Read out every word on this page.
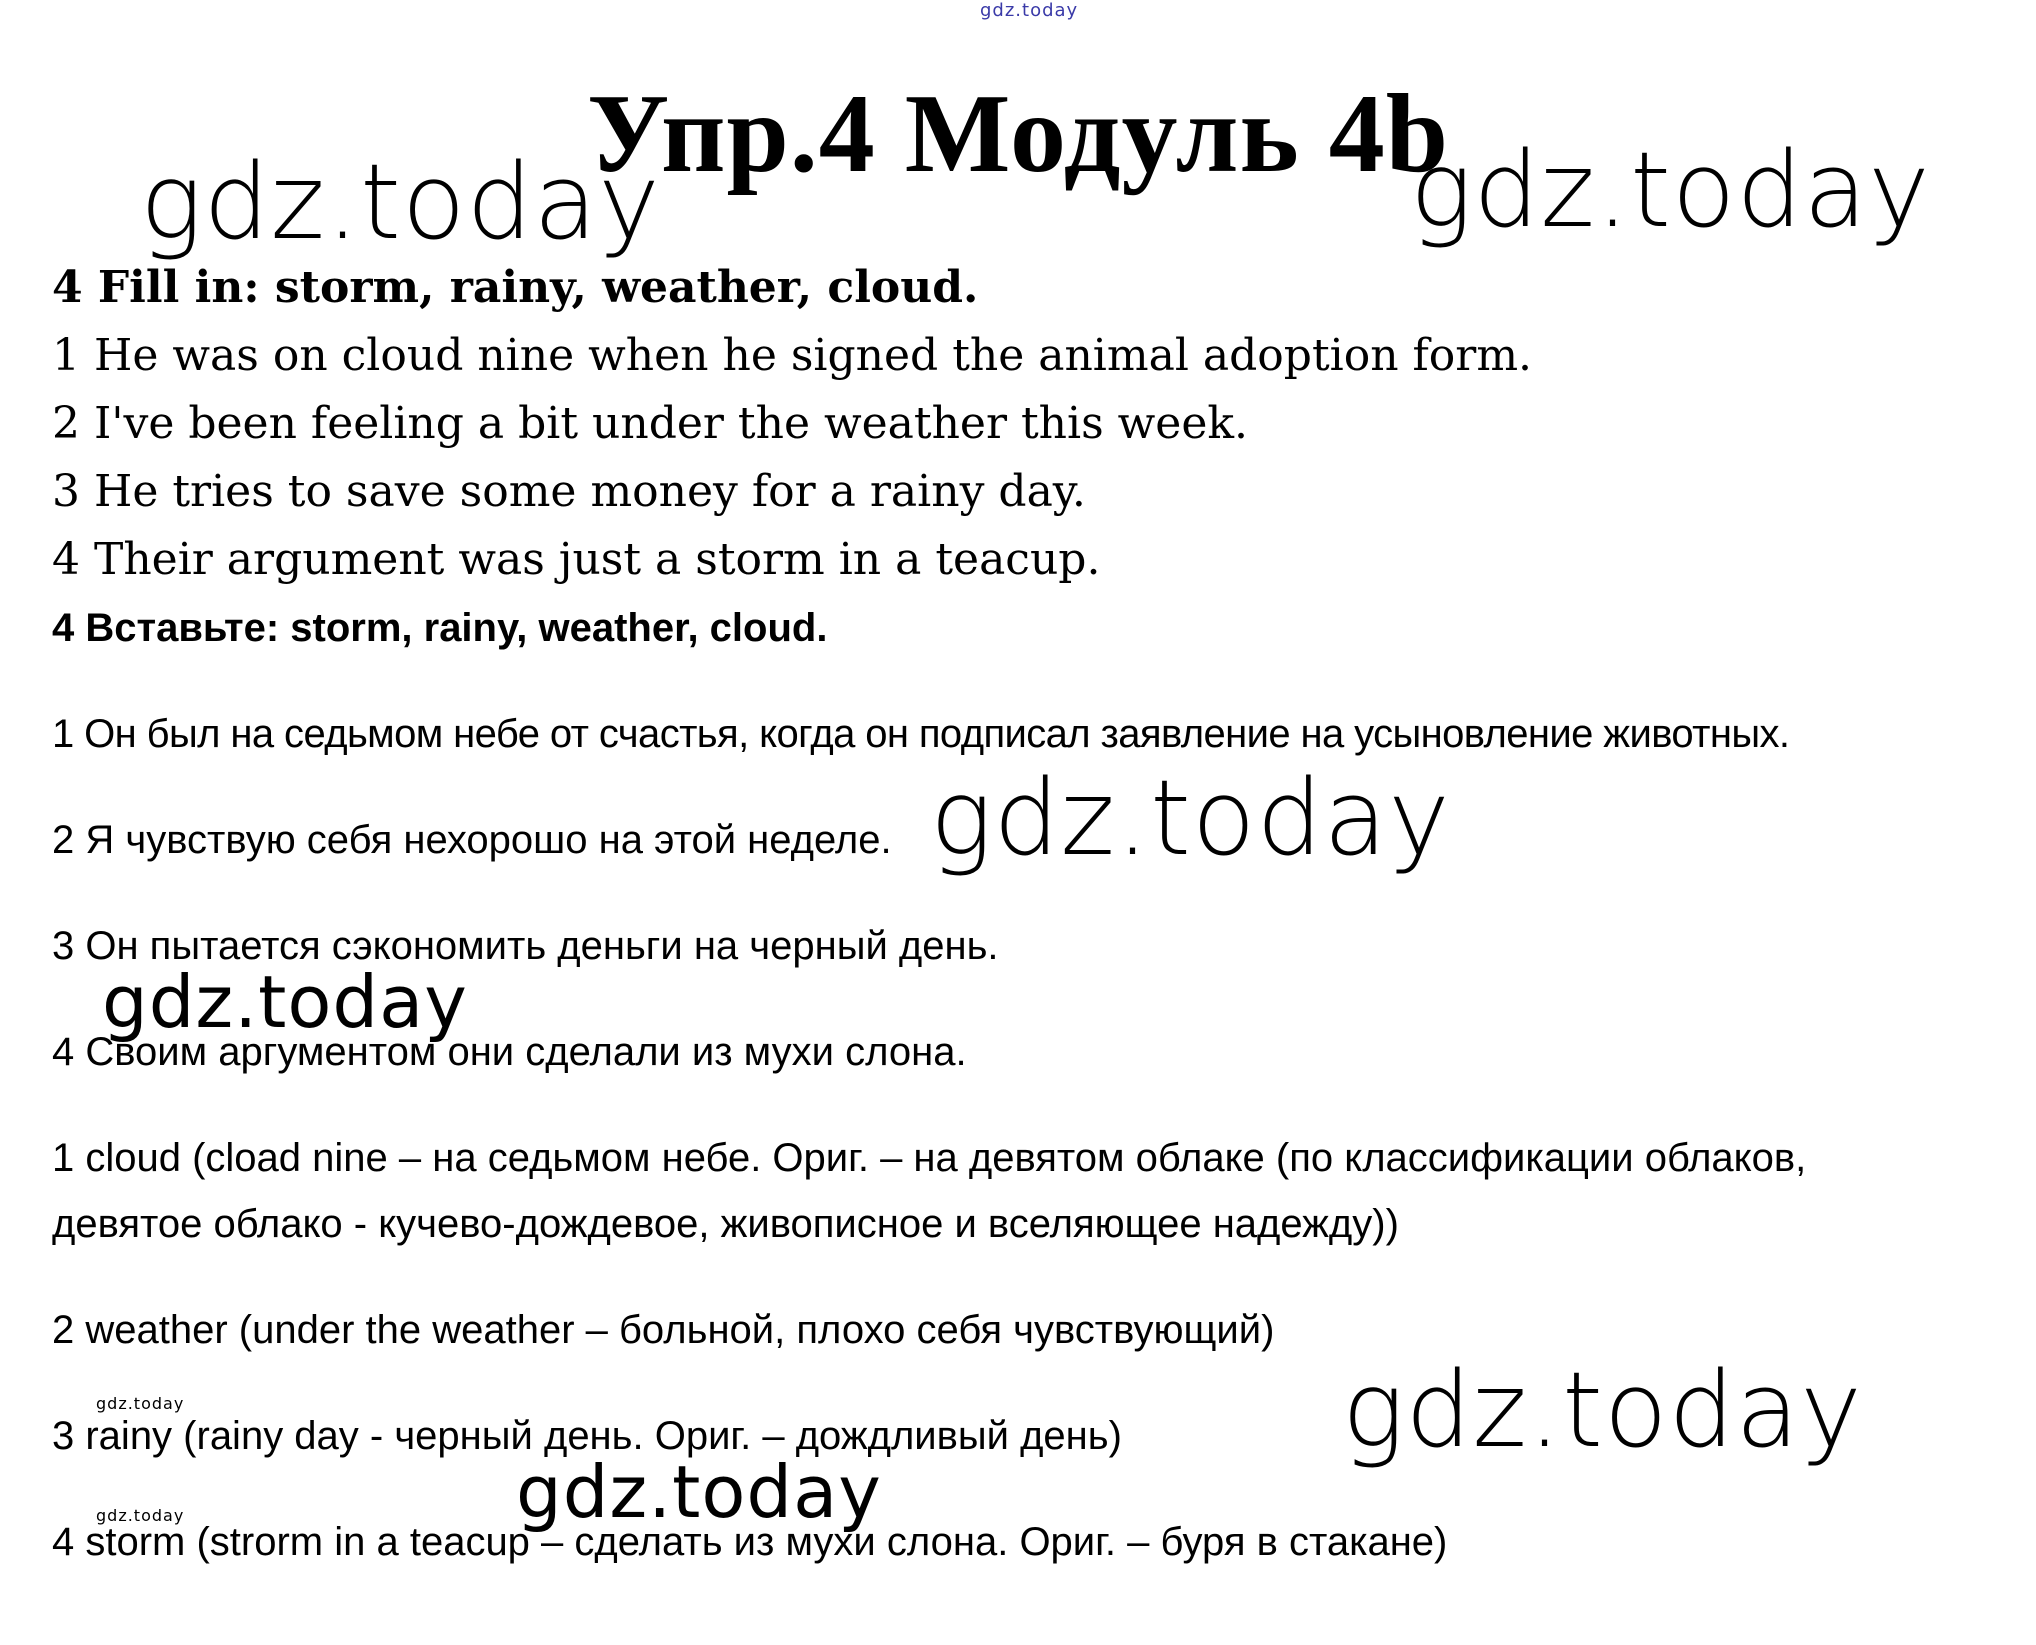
gdz.today
Упр.4 Модуль 4b
gdz.today	gdz.today
4 Fill in: storm, rainy, weather, cloud.
1 He was on cloud nine when he signed the animal adoption form.
2 I've been feeling a bit under the weather this week.
3 He tries to save some money for a rainy day.
4 Their argument was just a storm in a teacup.
4 Вставьте: storm, rainy, weather, cloud.
1 Он был на седьмом небе от счастья, когда он подписал заявление на усыновление животных.
2 Я чувствую себя нехорошо на этой неделе. gdz.today
3 Он пытается сэкономить деньги на черный день.
gdz.today
4 Своим аргументом они сделали из мухи слона.
1 cloud (cload nine – на седьмом небе. Ориг. – на девятом облаке (по классификации облаков,
девятое облако - кучево-дождевое, живописное и вселяющее надежду))
2 weather (under the weather – больной, плохо себя чувствующий)
gdz.today
3 rainy (rainy day - черный день. Ориг. – дождливый день) gdz.today
gdz.today
gdz.today
4 storm (strorm in a teacup – сделать из мухи слона. Ориг. – буря в стакане)
